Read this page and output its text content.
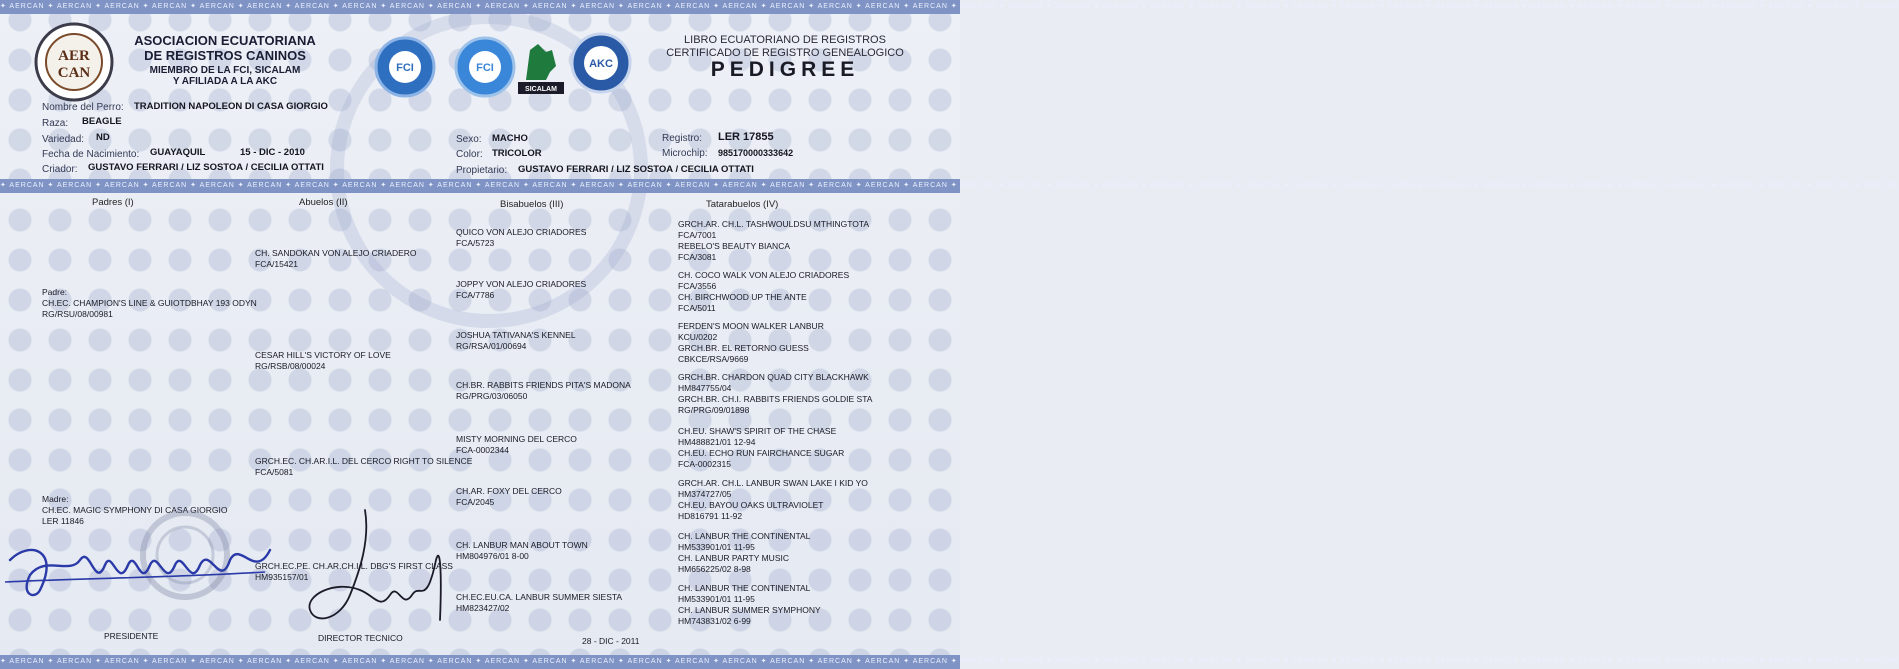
✦ AERCAN ✦ AERCAN ✦ AERCAN ✦ AERCAN ✦ AERCAN ✦ AERCAN ✦ AERCAN ✦ AERCAN ✦ AERCAN ✦ AERCAN ✦ AERCAN ✦ AERCAN ✦ AERCAN ✦ AERCAN ✦ AERCAN ✦ AERCAN ✦ AERCAN ✦ AERCAN ✦ AERCAN ✦ AERCAN ✦ AERCAN ✦ AERCAN ✦ AERCAN ✦ AERCAN ✦ AERCAN ✦ AERCAN ✦ AERCAN ✦ AERCAN ✦ AERCAN ✦ AERCAN ✦ AERCAN ✦ AERCAN ✦ AERCAN ✦ AERCAN ✦ AERCAN ✦ AERCAN ✦ AERCAN ✦ AERCAN ✦ AERCAN ✦ AERCAN
✦ AERCAN ✦ AERCAN ✦ AERCAN ✦ AERCAN ✦ AERCAN ✦ AERCAN ✦ AERCAN ✦ AERCAN ✦ AERCAN ✦ AERCAN ✦ AERCAN ✦ AERCAN ✦ AERCAN ✦ AERCAN ✦ AERCAN ✦ AERCAN ✦ AERCAN ✦ AERCAN ✦ AERCAN ✦ AERCAN ✦ AERCAN ✦ AERCAN ✦ AERCAN ✦ AERCAN ✦ AERCAN ✦ AERCAN ✦ AERCAN ✦ AERCAN ✦ AERCAN ✦ AERCAN ✦ AERCAN ✦ AERCAN ✦ AERCAN ✦ AERCAN ✦ AERCAN ✦ AERCAN ✦ AERCAN ✦ AERCAN ✦ AERCAN ✦ AERCAN
✦ AERCAN ✦ AERCAN ✦ AERCAN ✦ AERCAN ✦ AERCAN ✦ AERCAN ✦ AERCAN ✦ AERCAN ✦ AERCAN ✦ AERCAN ✦ AERCAN ✦ AERCAN ✦ AERCAN ✦ AERCAN ✦ AERCAN ✦ AERCAN ✦ AERCAN ✦ AERCAN ✦ AERCAN ✦ AERCAN ✦ AERCAN ✦ AERCAN ✦ AERCAN ✦ AERCAN ✦ AERCAN ✦ AERCAN ✦ AERCAN ✦ AERCAN ✦ AERCAN ✦ AERCAN ✦ AERCAN ✦ AERCAN ✦ AERCAN ✦ AERCAN ✦ AERCAN ✦ AERCAN ✦ AERCAN ✦ AERCAN ✦ AERCAN ✦ AERCAN
AER
CAN
ASOCIACION ECUATORIANA
DE REGISTROS CANINOS
MIEMBRO DE LA FCI, SICALAM
Y AFILIADA A LA AKC
FCI	FCI
SICALAM
AKC
LIBRO ECUATORIANO DE REGISTROS
CERTIFICADO DE REGISTRO GENEALOGICO
PEDIGREE
Nombre del Perro: TRADITION NAPOLEON DI CASA GIORGIO
Raza: BEAGLE
Variedad: ND
Fecha de Nacimiento: GUAYAQUIL	15 - DIC - 2010
Criador: GUSTAVO FERRARI / LIZ SOSTOA / CECILIA OTTATI
Sexo: MACHO
Color: TRICOLOR
Propietario: GUSTAVO FERRARI / LIZ SOSTOA / CECILIA OTTATI
Registro: LER 17855
Microchip: 985170000333642
Padres (I)	Abuelos (II)	Bisabuelos (III)	Tatarabuelos (IV)
Padre:
CH.EC. CHAMPION'S LINE & GUIOTDBHAY 193 ODYN
RG/RSU/08/00981
Madre:
CH.EC. MAGIC SYMPHONY DI CASA GIORGIO
LER 11846
CH. SANDOKAN VON ALEJO CRIADERO
FCA/15421
CESAR HILL'S VICTORY OF LOVE
RG/RSB/08/00024
GRCH.EC. CH.AR.I.L. DEL CERCO RIGHT TO SILENCE
FCA/5081
GRCH.EC.PE. CH.AR.CH.I.L. DBG'S FIRST CLASS
HM935157/01
QUICO VON ALEJO CRIADORES
FCA/5723
JOPPY VON ALEJO CRIADORES
FCA/7786
JOSHUA TATIVANA'S KENNEL
RG/RSA/01/00694
CH.BR. RABBITS FRIENDS PITA'S MADONA
RG/PRG/03/06050
MISTY MORNING DEL CERCO
FCA-0002344
CH.AR. FOXY DEL CERCO
FCA/2045
CH. LANBUR MAN ABOUT TOWN
HM804976/01 8-00
CH.EC.EU.CA. LANBUR SUMMER SIESTA
HM823427/02
GRCH.AR. CH.L. TASHWOULDSU MTHINGTOTA
FCA/7001
REBELO'S BEAUTY BIANCA
FCA/3081
CH. COCO WALK VON ALEJO CRIADORES
FCA/3556
CH. BIRCHWOOD UP THE ANTE
FCA/5011
FERDEN'S MOON WALKER LANBUR
KCU/0202
GRCH.BR. EL RETORNO GUESS
CBKCE/RSA/9669
GRCH.BR. CHARDON QUAD CITY BLACKHAWK
HM847755/04
GRCH.BR. CH.I. RABBITS FRIENDS GOLDIE STA
RG/PRG/09/01898
CH.EU. SHAW'S SPIRIT OF THE CHASE
HM488821/01 12-94
CH.EU. ECHO RUN FAIRCHANCE SUGAR
FCA-0002315
GRCH.AR. CH.L. LANBUR SWAN LAKE I KID YO
HM374727/05
CH.EU. BAYOU OAKS ULTRAVIOLET
HD816791 11-92
CH. LANBUR THE CONTINENTAL
HM533901/01 11-95
CH. LANBUR PARTY MUSIC
HM656225/02 8-98
CH. LANBUR THE CONTINENTAL
HM533901/01 11-95
CH. LANBUR SUMMER SYMPHONY
HM743831/02 6-99
PRESIDENTE	DIRECTOR TECNICO	28 - DIC - 2011
